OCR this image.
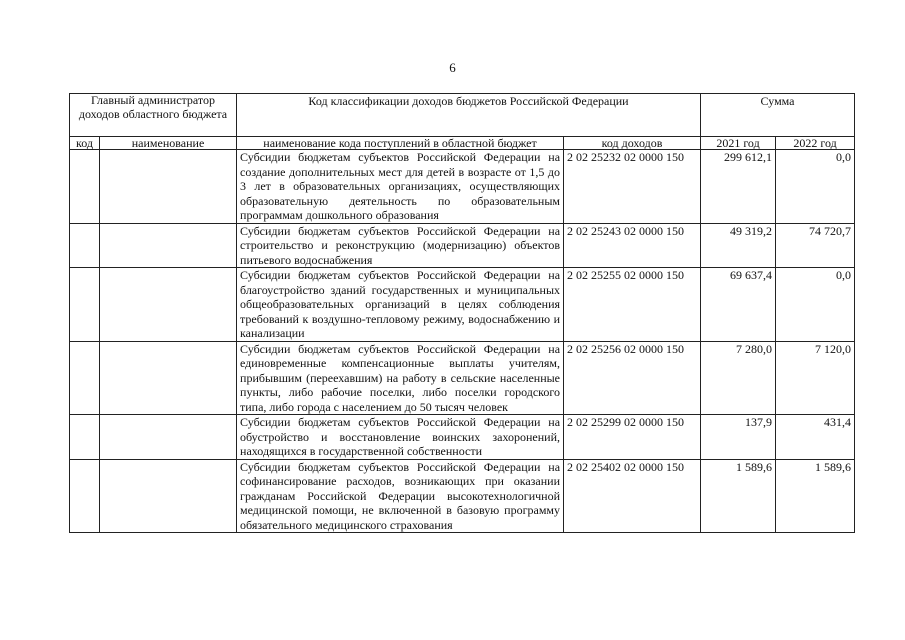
6
Главный администратор доходов областного бюджета		Код классификации доходов бюджетов Российской Федерации		Сумма	
код	наименование	наименование кода поступлений в областной бюджет	код доходов	2021 год	2022 год
		Субсидии бюджетам субъектов Российской Федерации на создание дополнительных мест для детей в возрасте от 1,5 до 3 лет в образовательных организациях, осуществляющих образовательную деятельность по образовательным программам дошкольного образования	2 02 25232 02 0000 150	299 612,1	0,0
		Субсидии бюджетам субъектов Российской Федерации на строительство и реконструкцию (модернизацию) объектов питьевого водоснабжения	2 02 25243 02 0000 150	49 319,2	74 720,7
		Субсидии бюджетам субъектов Российской Федерации на благоустройство зданий государственных и муниципальных общеобразовательных организаций в целях соблюдения требований к воздушно-тепловому режиму, водоснабжению и канализации	2 02 25255 02 0000 150	69 637,4	0,0
		Субсидии бюджетам субъектов Российской Федерации на единовременные компенсационные выплаты учителям, прибывшим (переехавшим) на работу в сельские населенные пункты, либо рабочие поселки, либо поселки городского типа, либо города с населением до 50 тысяч человек	2 02 25256 02 0000 150	7 280,0	7 120,0
		Субсидии бюджетам субъектов Российской Федерации на обустройство и восстановление воинских захоронений, находящихся в государственной собственности	2 02 25299 02 0000 150	137,9	431,4
		Субсидии бюджетам субъектов Российской Федерации на софинансирование расходов, возникающих при оказании гражданам Российской Федерации высокотехнологичной медицинской помощи, не включенной в базовую программу обязательного медицинского страхования	2 02 25402 02 0000 150	1 589,6	1 589,6
